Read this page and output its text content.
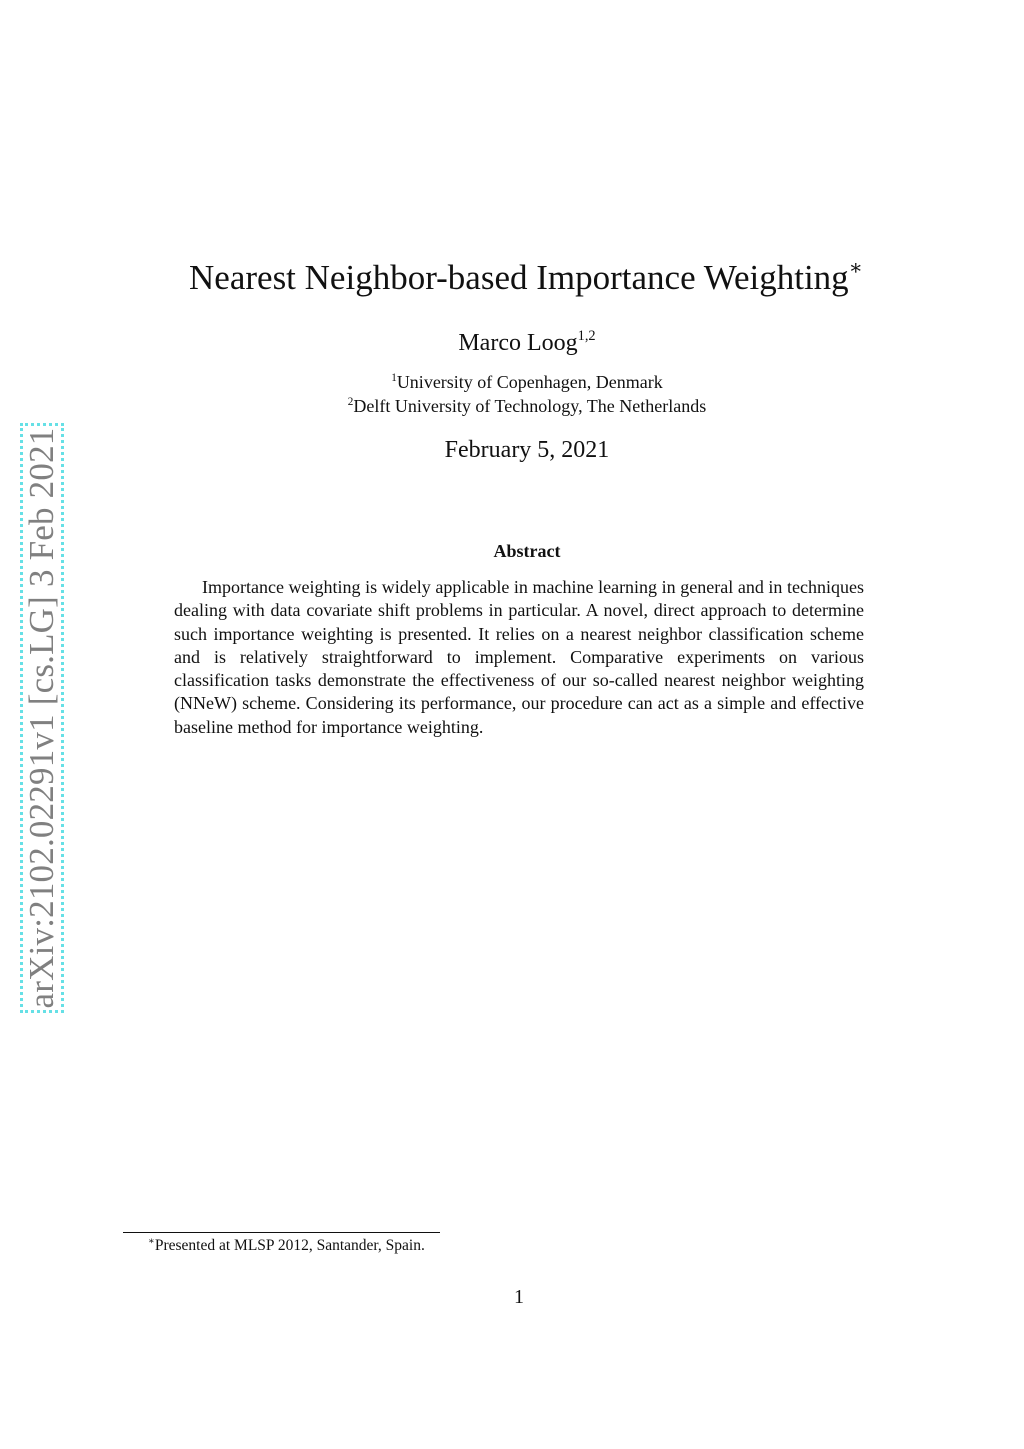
arXiv:2102.02291v1 [cs.LG] 3 Feb 2021
Nearest Neighbor-based Importance Weighting∗
Marco Loog$^{1,2}$
$^1$University of Copenhagen, Denmark
$^2$Delft University of Technology, The Netherlands
February 5, 2021
Abstract

Importance weighting is widely applicable in machine learning in general and in techniques dealing with data covariate shift problems in particular. A novel, direct approach to determine such importance weighting is presented. It relies on a nearest neighbor classification scheme and is relatively straightforward to implement. Comparative experiments on various classification tasks demonstrate the effectiveness of our so-called nearest neighbor weighting (NNeW) scheme. Considering its performance, our procedure can act as a simple and effective baseline method for importance weighting.

∗Presented at MLSP 2012, Santander, Spain.
1
